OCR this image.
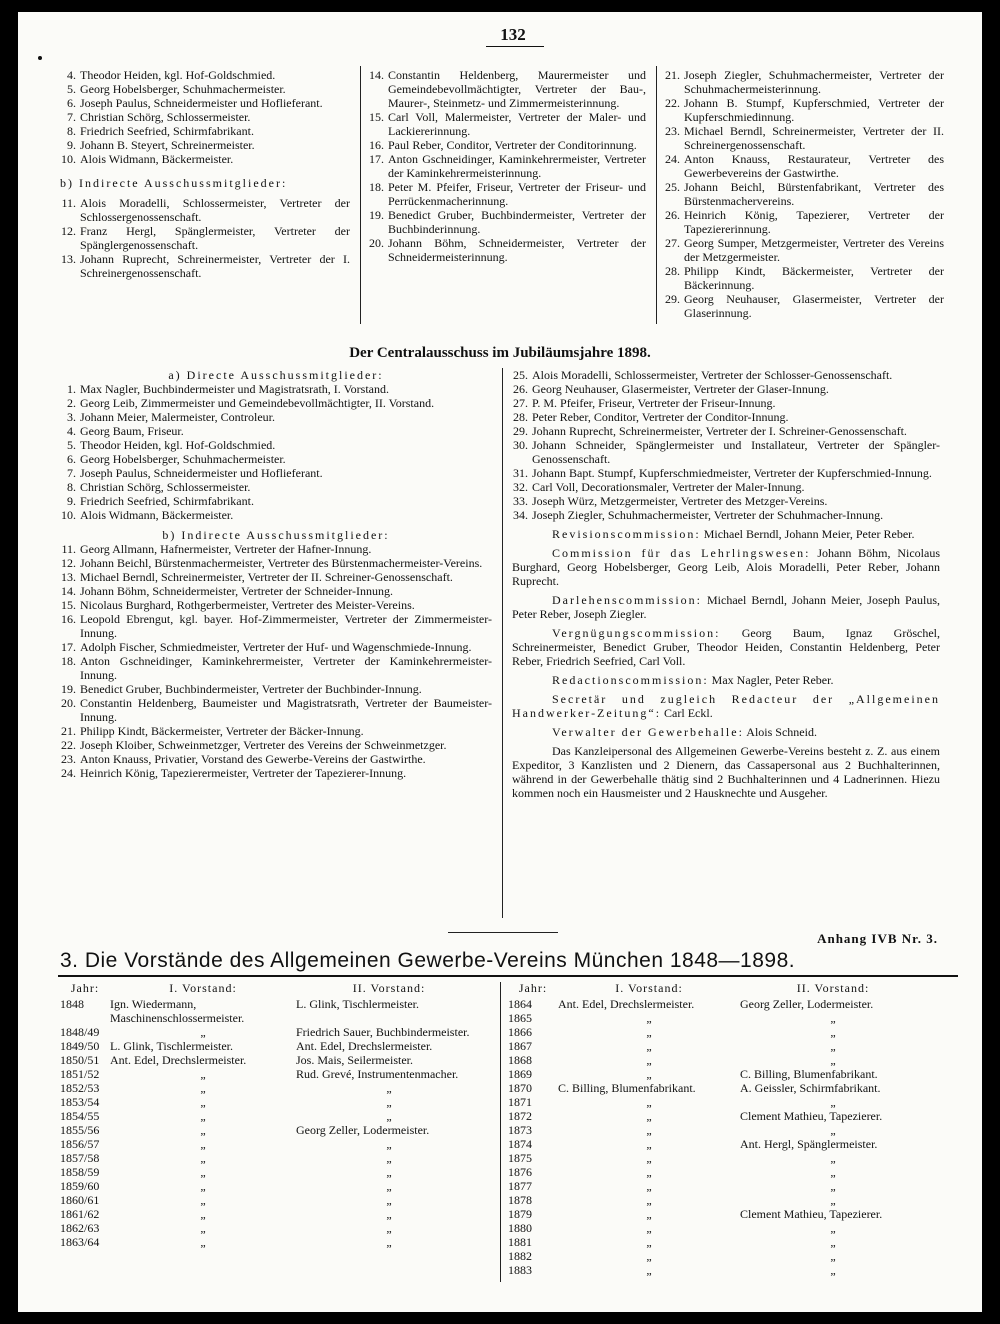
132
4. Theodor Heiden, kgl. Hof-Goldschmied.
5. Georg Hobelsberger, Schuhmachermeister.
6. Joseph Paulus, Schneidermeister und Hoflieferant.
7. Christian Schörg, Schlossermeister.
8. Friedrich Seefried, Schirmfabrikant.
9. Johann B. Steyert, Schreinermeister.
10. Alois Widmann, Bäckermeister.
b) Indirecte Ausschussmitglieder:
11. Alois Moradelli, Schlossermeister, Vertreter der Schlossergenossenschaft.
12. Franz Hergl, Spänglermeister, Vertreter der Spänglergenossenschaft.
13. Johann Ruprecht, Schreinermeister, Vertreter der I. Schreinergenossenschaft.
14. Constantin Heldenberg, Maurermeister und Gemeindebevollmächtigter, Vertreter der Bau-, Maurer-, Steinmetz- und Zimmermeisterinnung.
15. Carl Voll, Malermeister, Vertreter der Maler- und Lackiererinnung.
16. Paul Reber, Conditor, Vertreter der Conditorinnung.
17. Anton Gschneidinger, Kaminkehrermeister, Vertreter der Kaminkehrermeisterinnung.
18. Peter M. Pfeifer, Friseur, Vertreter der Friseur- und Perrückenmacherinnung.
19. Benedict Gruber, Buchbindermeister, Vertreter der Buchbinderinnung.
20. Johann Böhm, Schneidermeister, Vertreter der Schneidermeisterinnung.
21. Joseph Ziegler, Schuhmachermeister, Vertreter der Schuhmachermeisterinnung.
22. Johann B. Stumpf, Kupferschmied, Vertreter der Kupferschmiedinnung.
23. Michael Berndl, Schreinermeister, Vertreter der II. Schreinergenossenschaft.
24. Anton Knauss, Restaurateur, Vertreter des Gewerbevereins der Gastwirthe.
25. Johann Beichl, Bürstenfabrikant, Vertreter des Bürstenmachervereins.
26. Heinrich König, Tapezierer, Vertreter der Tapeziererinnung.
27. Georg Sumper, Metzgermeister, Vertreter des Vereins der Metzgermeister.
28. Philipp Kindt, Bäckermeister, Vertreter der Bäckerinnung.
29. Georg Neuhauser, Glasermeister, Vertreter der Glaserinnung.
Der Centralausschuss im Jubiläumsjahre 1898.
a) Directe Ausschussmitglieder:
1. Max Nagler, Buchbindermeister und Magistratsrath, I. Vorstand.
2. Georg Leib, Zimmermeister und Gemeindebevollmächtigter, II. Vorstand.
3. Johann Meier, Malermeister, Controleur.
4. Georg Baum, Friseur.
5. Theodor Heiden, kgl. Hof-Goldschmied.
6. Georg Hobelsberger, Schuhmachermeister.
7. Joseph Paulus, Schneidermeister und Hoflieferant.
8. Christian Schörg, Schlossermeister.
9. Friedrich Seefried, Schirmfabrikant.
10. Alois Widmann, Bäckermeister.
b) Indirecte Ausschussmitglieder:
11. Georg Allmann, Hafnermeister, Vertreter der Hafner-Innung.
12. Johann Beichl, Bürstenmachermeister, Vertreter des Bürstenmachermeister-Vereins.
13. Michael Berndl, Schreinermeister, Vertreter der II. Schreiner-Genossenschaft.
14. Johann Böhm, Schneidermeister, Vertreter der Schneider-Innung.
15. Nicolaus Burghard, Rothgerbermeister, Vertreter des Meister-Vereins.
16. Leopold Ebrengut, kgl. bayer. Hof-Zimmermeister, Vertreter der Zimmermeister-Innung.
17. Adolph Fischer, Schmiedmeister, Vertreter der Huf- und Wagenschmiede-Innung.
18. Anton Gschneidinger, Kaminkehrermeister, Vertreter der Kaminkehrermeister-Innung.
19. Benedict Gruber, Buchbindermeister, Vertreter der Buchbinder-Innung.
20. Constantin Heldenberg, Baumeister und Magistratsrath, Vertreter der Baumeister-Innung.
21. Philipp Kindt, Bäckermeister, Vertreter der Bäcker-Innung.
22. Joseph Kloiber, Schweinmetzger, Vertreter des Vereins der Schweinmetzger.
23. Anton Knauss, Privatier, Vorstand des Gewerbe-Vereins der Gastwirthe.
24. Heinrich König, Tapezierermeister, Vertreter der Tapezierer-Innung.
25. Alois Moradelli, Schlossermeister, Vertreter der Schlosser-Genossenschaft.
26. Georg Neuhauser, Glasermeister, Vertreter der Glaser-Innung.
27. P. M. Pfeifer, Friseur, Vertreter der Friseur-Innung.
28. Peter Reber, Conditor, Vertreter der Conditor-Innung.
29. Johann Ruprecht, Schreinermeister, Vertreter der I. Schreiner-Genossenschaft.
30. Johann Schneider, Spänglermeister und Installateur, Vertreter der Spängler-Genossenschaft.
31. Johann Bapt. Stumpf, Kupferschmiedmeister, Vertreter der Kupferschmied-Innung.
32. Carl Voll, Decorationsmaler, Vertreter der Maler-Innung.
33. Joseph Würz, Metzgermeister, Vertreter des Metzger-Vereins.
34. Joseph Ziegler, Schuhmachermeister, Vertreter der Schuhmacher-Innung.
Revisionscommission: Michael Berndl, Johann Meier, Peter Reber.
Commission für das Lehrlingswesen: Johann Böhm, Nicolaus Burghard, Georg Hobelsberger, Georg Leib, Alois Moradelli, Peter Reber, Johann Ruprecht.
Darlehenscommission: Michael Berndl, Johann Meier, Joseph Paulus, Peter Reber, Joseph Ziegler.
Vergnügungscommission: Georg Baum, Ignaz Gröschel, Schreinermeister, Benedict Gruber, Theodor Heiden, Constantin Heldenberg, Peter Reber, Friedrich Seefried, Carl Voll.
Redactionscommission: Max Nagler, Peter Reber.
Secretär und zugleich Redacteur der „Allgemeinen Handwerker-Zeitung“: Carl Eckl.
Verwalter der Gewerbehalle: Alois Schneid.
Das Kanzleipersonal des Allgemeinen Gewerbe-Vereins besteht z. Z. aus einem Expeditor, 3 Kanzlisten und 2 Dienern, das Cassapersonal aus 2 Buchhalterinnen, während in der Gewerbehalle thätig sind 2 Buchhalterinnen und 4 Ladnerinnen. Hiezu kommen noch ein Hausmeister und 2 Hausknechte und Ausgeher.
Anhang IVB Nr. 3.
3. Die Vorstände des Allgemeinen Gewerbe-Vereins München 1848—1898.
Jahr:	I. Vorstand:	II. Vorstand:
1848	Ign. Wiedermann, Maschinenschlossermeister.	L. Glink, Tischlermeister.
1848/49	„	Friedrich Sauer, Buchbindermeister.
1849/50	L. Glink, Tischlermeister.	Ant. Edel, Drechslermeister.
1850/51	Ant. Edel, Drechslermeister.	Jos. Mais, Seilermeister.
1851/52	„	Rud. Grevé, Instrumentenmacher.
1852/53	„	„
1853/54	„	„
1854/55	„	„
1855/56	„	Georg Zeller, Lodermeister.
1856/57	„	„
1857/58	„	„
1858/59	„	„
1859/60	„	„
1860/61	„	„
1861/62	„	„
1862/63	„	„
1863/64	„	„
Jahr:	I. Vorstand:	II. Vorstand:
1864	Ant. Edel, Drechslermeister.	Georg Zeller, Lodermeister.
1865	„	„
1866	„	„
1867	„	„
1868	„	„
1869	„	C. Billing, Blumenfabrikant.
1870	C. Billing, Blumenfabrikant.	A. Geissler, Schirmfabrikant.
1871	„	„
1872	„	Clement Mathieu, Tapezierer.
1873	„	„
1874	„	Ant. Hergl, Spänglermeister.
1875	„	„
1876	„	„
1877	„	„
1878	„	„
1879	„	Clement Mathieu, Tapezierer.
1880	„	„
1881	„	„
1882	„	„
1883	„	„
